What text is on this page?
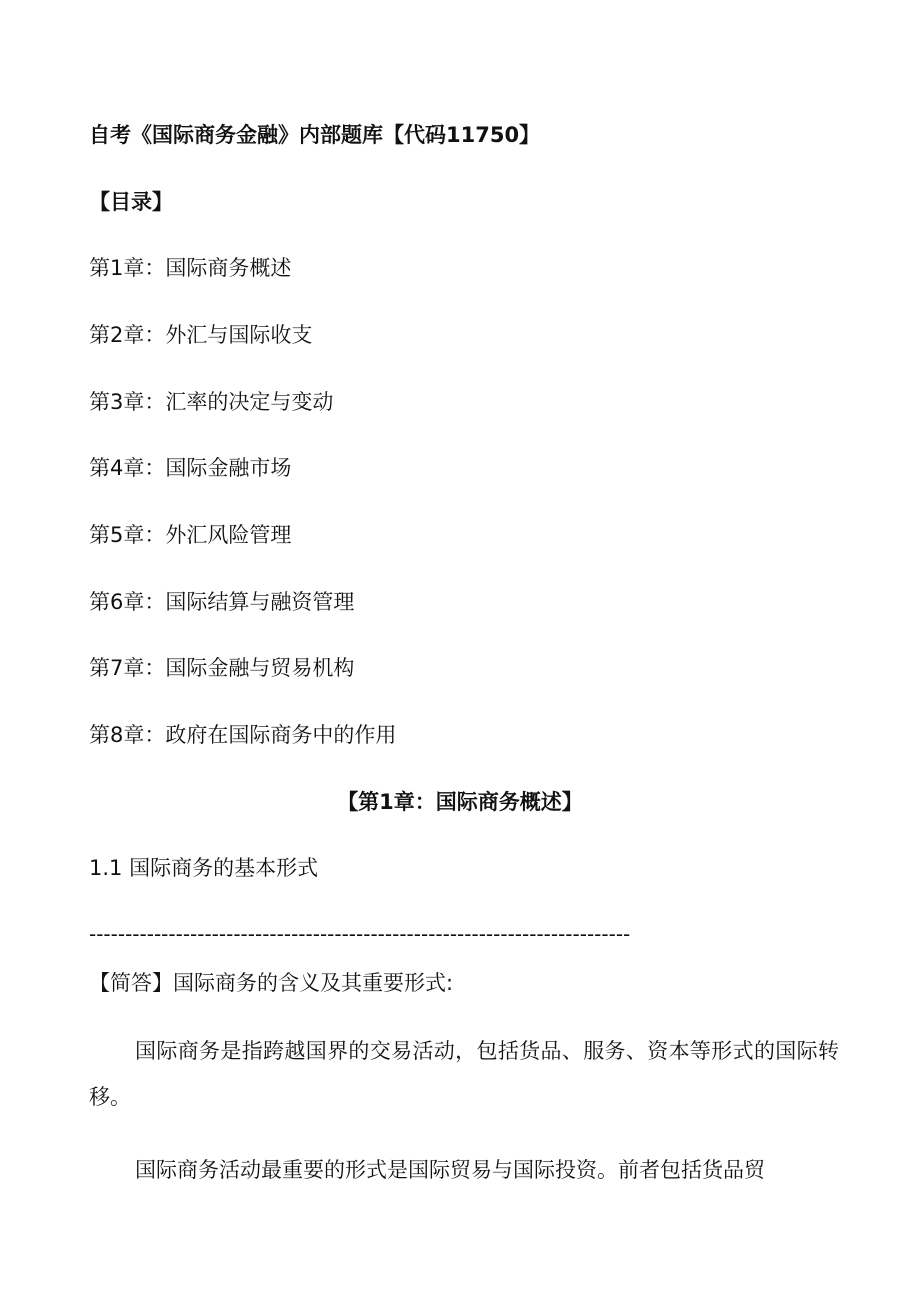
自考《国际商务金融》内部题库【代码11750】
【目录】
第1章：国际商务概述
第2章：外汇与国际收支
第3章：汇率的决定与变动
第4章：国际金融市场
第5章：外汇风险管理
第6章：国际结算与融资管理
第7章：国际金融与贸易机构
第8章：政府在国际商务中的作用
【第1章：国际商务概述】
1.1 国际商务的基本形式
---------------------------------------------------------------------------
【简答】国际商务的含义及其重要形式:
国际商务是指跨越国界的交易活动，包括货品、服务、资本等形式的国际转移。
国际商务活动最重要的形式是国际贸易与国际投资。前者包括货品贸
